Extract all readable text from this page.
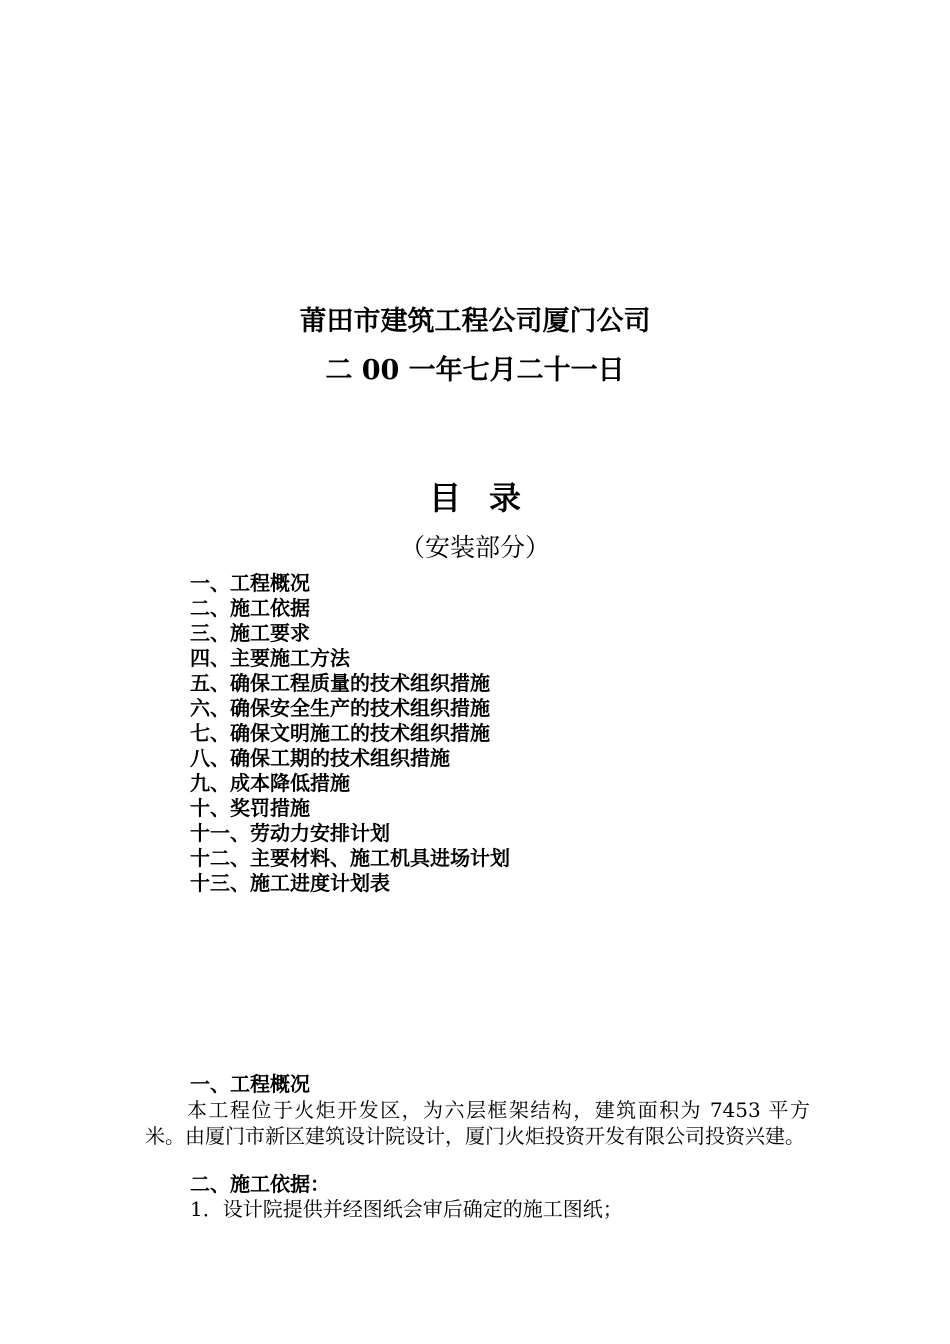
莆田市建筑工程公司厦门公司
二 00 一年七月二十一日
目录
（安装部分）
一、工程概况
二、施工依据
三、施工要求
四、主要施工方法
五、确保工程质量的技术组织措施
六、确保安全生产的技术组织措施
七、确保文明施工的技术组织措施
八、确保工期的技术组织措施
九、成本降低措施
十、奖罚措施
十一、劳动力安排计划
十二、主要材料、施工机具进场计划
十三、施工进度计划表
一、工程概况
本工程位于火炬开发区，为六层框架结构，建筑面积为 7453 平方米。由厦门市新区建筑设计院设计，厦门火炬投资开发有限公司投资兴建。
二、施工依据：
1．设计院提供并经图纸会审后确定的施工图纸；
